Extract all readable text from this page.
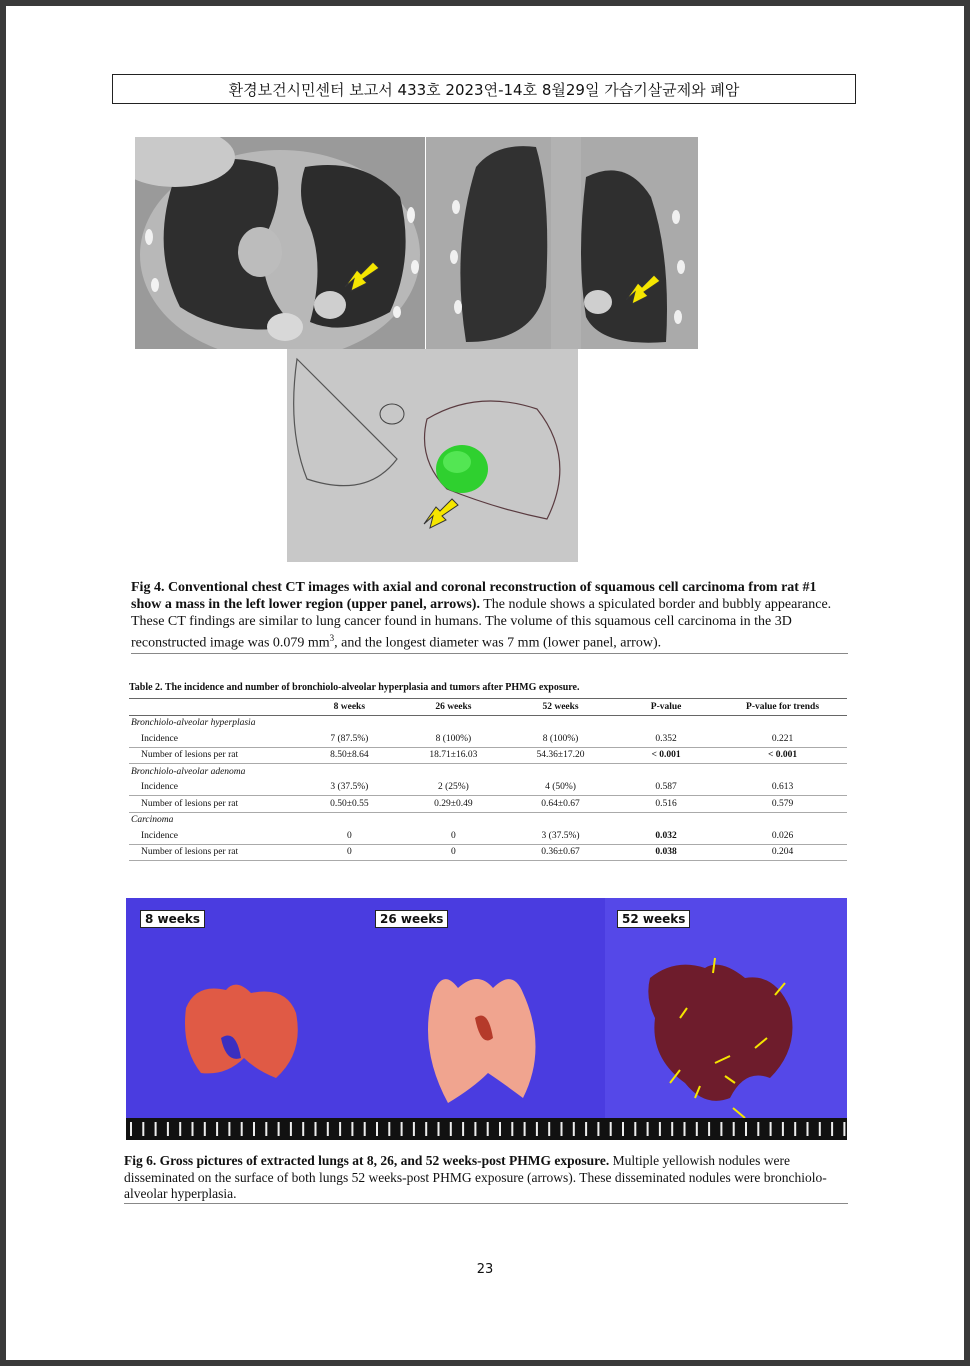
환경보건시민센터 보고서 433호 2023연-14호 8월29일 가습기살균제와 폐암
Fig 4. Conventional chest CT images with axial and coronal reconstruction of squamous cell carcinoma from rat #1 show a mass in the left lower region (upper panel, arrows). The nodule shows a spiculated border and bubbly appearance. These CT findings are similar to lung cancer found in humans. The volume of this squamous cell carcinoma in the 3D reconstructed image was 0.079 $mm^3$, and the longest diameter was 7 mm (lower panel, arrow).
Table 2. The incidence and number of bronchiolo-alveolar hyperplasia and tumors after PHMG exposure.
	8 weeks	26 weeks	52 weeks	P-value	P-value for trends
Bronchiolo-alveolar hyperplasia					
Incidence	7 (87.5%)	8 (100%)	8 (100%)	0.352	0.221
Number of lesions per rat	8.50±8.64	18.71±16.03	54.36±17.20	< 0.001	< 0.001
Bronchiolo-alveolar adenoma					
Incidence	3 (37.5%)	2 (25%)	4 (50%)	0.587	0.613
Number of lesions per rat	0.50±0.55	0.29±0.49	0.64±0.67	0.516	0.579
Carcinoma					
Incidence	0	0	3 (37.5%)	0.032	0.026
Number of lesions per rat	0	0	0.36±0.67	0.038	0.204
8 weeks	26 weeks	52 weeks
Fig 6. Gross pictures of extracted lungs at 8, 26, and 52 weeks-post PHMG exposure. Multiple yellowish nodules were disseminated on the surface of both lungs 52 weeks-post PHMG exposure (arrows). These disseminated nodules were bronchiolo-alveolar hyperplasia.
23
